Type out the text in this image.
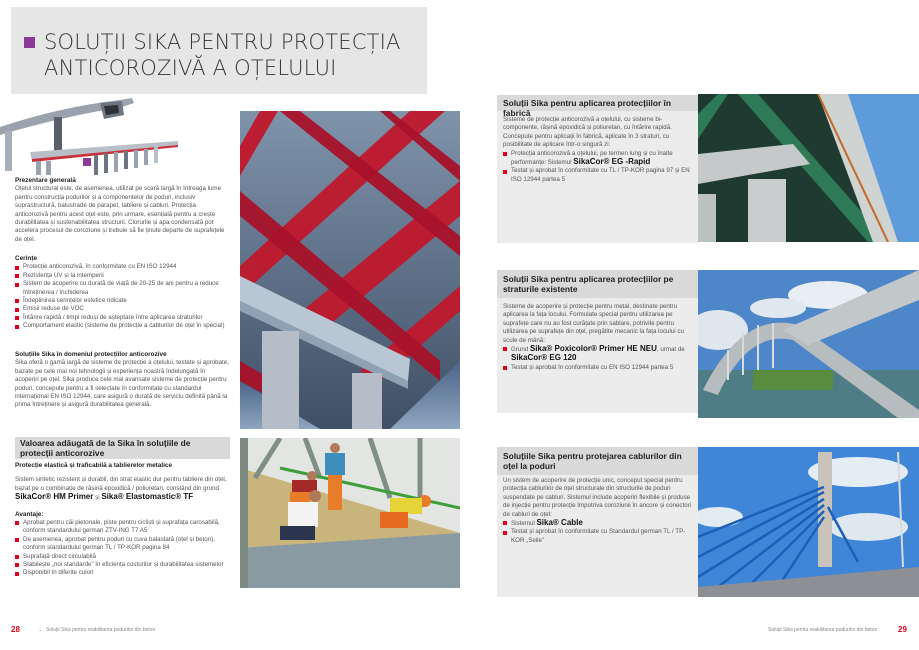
SOLUȚII SIKA PENTRU PROTECȚIA
ANTICOROZIVĂ A OȚELULUI
Prezentare generală
Oțelul structural este, de asemenea, utilizat pe scară largă în întreaga lume pentru construcția podurilor și a componentelor de poduri, inclusiv suprastructură, balustrade de parapet, tabliere și cabluri. Protecția anticorozivă pentru acest oțel este, prin urmare, esențială pentru a crește durabilitatea și sustenabilitatea structurii. Clorurile și apa condensată pot accelera procesul de coroziune și trebuie să fie ținute departe de suprafețele de oțel.
Cerințe
Protecție anticorozivă, în conformitate cu EN ISO 12944
Rezistența UV și la intemperii
Sistem de acoperire cu durată de viață de 20-25 de ani pentru a reduce întreținerea / închiderea
Îndeplinirea cerințelor estetice ridicate
Emisii reduse de VOC
Întărire rapidă / timpi reduși de așteptare între aplicarea straturilor
Comportament elastic (sisteme de protecție a cablurilor de oțel în special)
Soluțiile Sika în domeniul protecțiilor anticorozive
Sika oferă o gamă largă de sisteme de protecție a oțelului, testate și aprobate, bazate pe cele mai noi tehnologii și experiența noastră îndelungată în acoperiri pe oțel. Sika produce cele mai avansate sisteme de protecție pentru poduri, concepute pentru a fi selectate în conformitate cu standardul internațional EN ISO 12944, care asigură o durată de serviciu definită până la prima întreținere și asigură durabilitatea generală.
Valoarea adăugată de la Sika în soluțiile de protecții anticorozive
Protecție elastică și traficabilă a tablierelor metalice
Sistem sintetic rezistent și durabil, din strat elastic dur pentru tabliere din oțel, bazat pe o combinație de rășină epoxidică / poliuretan, constând din grund SikaCor® HM Primer și Sika® Elastomastic® TF
Avantaje:
Aprobat pentru căi pietonale, piste pentru cicliști și suprafața carosabilă, conform standardului german ZTV-ING T7 A5
De asemenea, aprobat pentru poduri cu cuva balastată (oțel și beton), conform standardului german TL / TP-KOR pagina 84
Suprafață direct circulabilă
Stabilește „noi standarde” în eficiența costurilor și durabilitatea sistemelor
Disponibil în diferite culori
28	→ Soluții Sika pentru reabilitarea podurilor din beton
Soluții Sika pentru aplicarea protecțiilor în fabrică
Sisteme de protecție anticorozivă a oțelului, cu sisteme bi-componente, rășină epoxidică și poliuretan, cu întărire rapidă. Concepute pentru aplicații în fabrică, aplicate în 3 straturi, cu posibilitate de aplicare într-o singură zi:
Protecția anticorozivă a oțelului, pe termen lung și cu înalte performanțe: Sistemul SikaCor® EG -Rapid
Testat și aprobat în conformitate cu TL / TP-KOR pagina 97 și EN ISO 12944 partea 5
Soluții Sika pentru aplicarea protecțiilor pe straturile existente
Sisteme de acoperire și protecție pentru metal, destinate pentru aplicarea la fața locului. Formulate special pentru utilizarea pe suprafețe care nu au fost curățate prin sablare, potrivite pentru utilizarea pe suprafețe din oțel, pregătite mecanic la fața locului cu scule de mână:
Grund Sika® Poxicolor® Primer HE NEU, urmat de SikaCor® EG 120
Testat și aprobat în conformitate cu EN ISO 12944 partea 5
Soluțiile Sika pentru protejarea cablurilor din oțel la poduri
Un sistem de acoperire de protecție unic, conceput special pentru protecția cablurilor de oțel structurale din structurile de poduri suspendate pe cabluri. Sistemul include acoperiri flexibile și produse de injecție pentru protecție împotriva coroziunii în ancore și conectori de cabluri de oțel:
Sistemul Sika® Cable
Testat și aprobat în conformitate cu Standardul german TL / TP-KOR „Seile”
Soluții Sika pentru reabilitarea podurilor din beton	29
